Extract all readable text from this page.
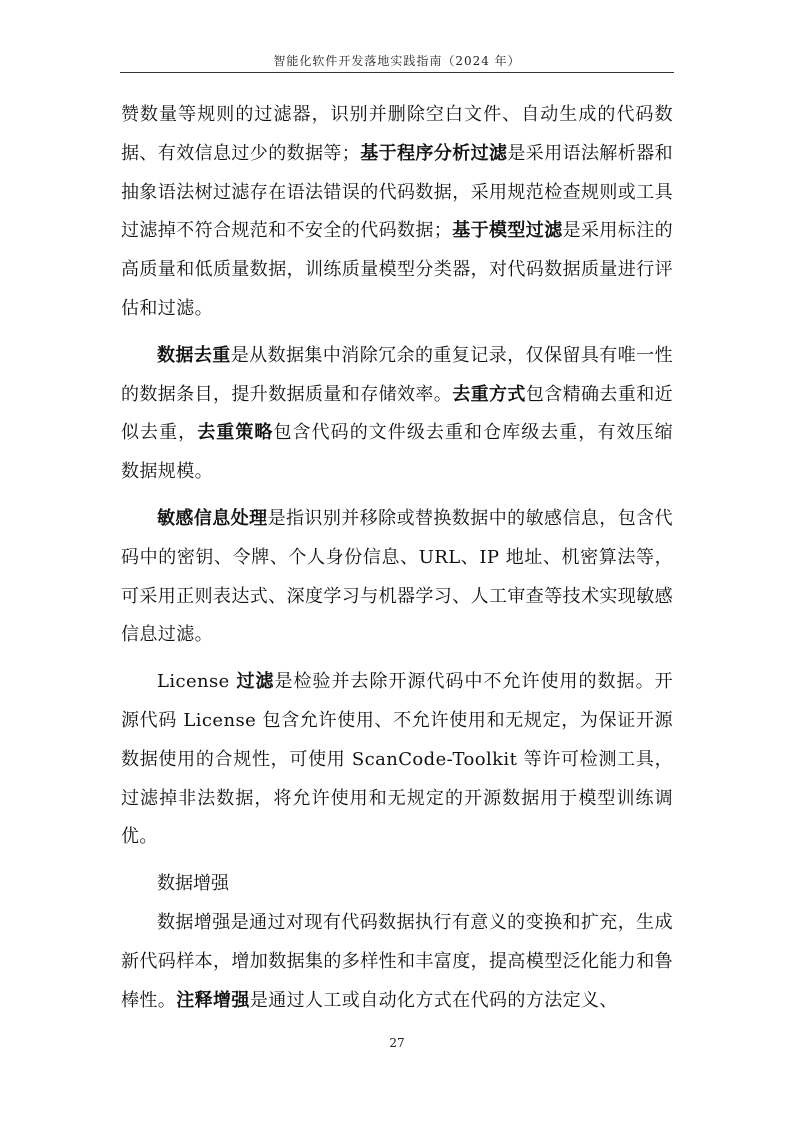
智能化软件开发落地实践指南（2024 年）

赞数量等规则的过滤器，识别并删除空白文件、自动生成的代码数据、有效信息过少的数据等；基于程序分析过滤是采用语法解析器和抽象语法树过滤存在语法错误的代码数据，采用规范检查规则或工具过滤掉不符合规范和不安全的代码数据；基于模型过滤是采用标注的高质量和低质量数据，训练质量模型分类器，对代码数据质量进行评估和过滤。

数据去重是从数据集中消除冗余的重复记录，仅保留具有唯一性的数据条目，提升数据质量和存储效率。去重方式包含精确去重和近似去重，去重策略包含代码的文件级去重和仓库级去重，有效压缩数据规模。

敏感信息处理是指识别并移除或替换数据中的敏感信息，包含代码中的密钥、令牌、个人身份信息、URL、IP 地址、机密算法等，可采用正则表达式、深度学习与机器学习、人工审查等技术实现敏感信息过滤。

License 过滤是检验并去除开源代码中不允许使用的数据。开源代码 License 包含允许使用、不允许使用和无规定，为保证开源数据使用的合规性，可使用 ScanCode-Toolkit 等许可检测工具，过滤掉非法数据，将允许使用和无规定的开源数据用于模型训练调优。

数据增强

数据增强是通过对现有代码数据执行有意义的变换和扩充，生成新代码样本，增加数据集的多样性和丰富度，提高模型泛化能力和鲁棒性。注释增强是通过人工或自动化方式在代码的方法定义、

27
